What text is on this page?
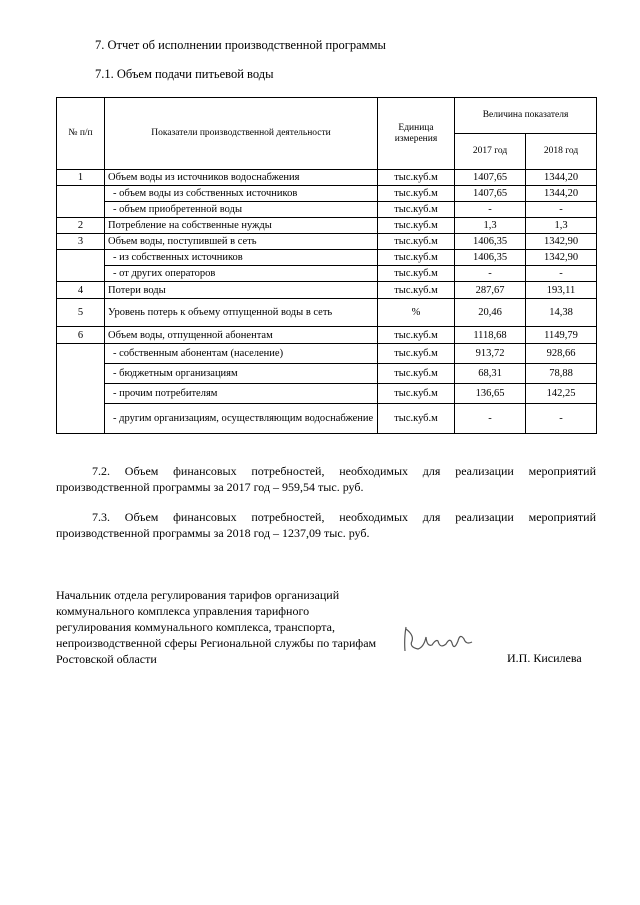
7. Отчет об исполнении производственной программы
7.1. Объем подачи питьевой воды
№ п/п	Показатели производственной деятельности	Единица измерения	Величина показателя	
			2017 год	2018 год
1	Объем воды из источников водоснабжения	тыс.куб.м	1407,65	1344,20
	- объем воды из собственных источников	тыс.куб.м	1407,65	1344,20
	- объем приобретенной воды	тыс.куб.м	-	-
2	Потребление на собственные нужды	тыс.куб.м	1,3	1,3
3	Объем воды, поступившей в сеть	тыс.куб.м	1406,35	1342,90
	- из собственных источников	тыс.куб.м	1406,35	1342,90
	- от других операторов	тыс.куб.м	-	-
4	Потери воды	тыс.куб.м	287,67	193,11
5	Уровень потерь к объему отпущенной воды в сеть	%	20,46	14,38
6	Объем воды, отпущенной абонентам	тыс.куб.м	1118,68	1149,79
	- собственным абонентам (население)	тыс.куб.м	913,72	928,66
	- бюджетным организациям	тыс.куб.м	68,31	78,88
	- прочим потребителям	тыс.куб.м	136,65	142,25
	- другим организациям, осуществляющим водоснабжение	тыс.куб.м	-	-
7.2. Объем финансовых потребностей, необходимых для реализации мероприятий производственной программы за 2017 год – 959,54 тыс. руб.
7.3. Объем финансовых потребностей, необходимых для реализации мероприятий производственной программы за 2018 год – 1237,09 тыс. руб.
Начальник отдела регулирования тарифов организаций коммунального комплекса управления тарифного регулирования коммунального комплекса, транспорта, непроизводственной сферы Региональной службы по тарифам Ростовской области	И.П. Кисилева
